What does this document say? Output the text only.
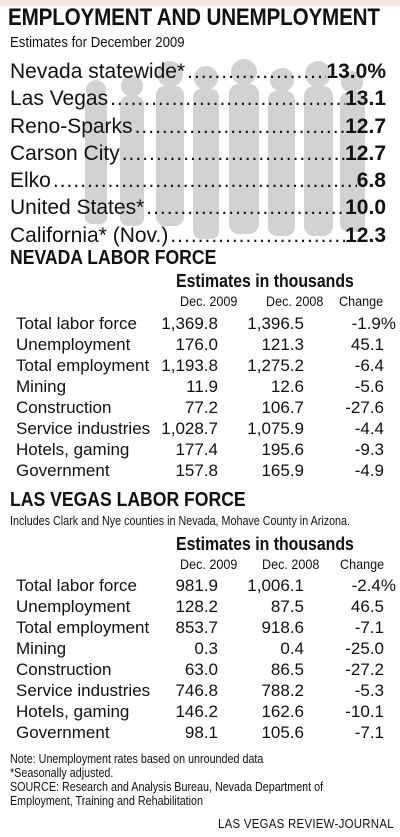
EMPLOYMENT AND UNEMPLOYMENT
Estimates for December 2009
Nevada statewide* .....	13.0%
Las Vegas .....	13.1
Reno-Sparks .....	12.7
Carson City .....	12.7
Elko .....	6.8
United States* .....	10.0
California* (Nov.) .....	12.3
NEVADA LABOR FORCE
Estimates in thousands
Dec. 2009 Dec. 2008 Change
Total labor force 1,369.8 1,396.5	-1.9%
Unemployment	176.0	121.3	45.1
Total employment 1,193.8 1,275.2	-6.4
Mining	11.9	12.6	-5.6
Construction	77.2	106.7 -27.6
Service industries 1,028.7 1,075.9	-4.4
Hotels, gaming	177.4	195.6	-9.3
Government	157.8	165.9	-4.9
LAS VEGAS LABOR FORCE
Includes Clark and Nye counties in Nevada, Mohave County in Arizona.
Estimates in thousands
Dec. 2009 Dec. 2008 Change
Total labor force 981.9 1,006.1	-2.4%
Unemployment	128.2	87.5	46.5
Total employment 853.7	918.6	-7.1
Mining	0.3	0.4 -25.0
Construction	63.0	86.5 -27.2
Service industries 746.8	788.2	-5.3
Hotels, gaming	146.2	162.6 -10.1
Government	98.1	105.6	-7.1
Note: Unemployment rates based on unrounded data
*Seasonally adjusted.
SOURCE: Research and Analysis Bureau, Nevada Department of
Employment, Training and Rehabilitation
LAS VEGAS REVIEW-JOURNAL
